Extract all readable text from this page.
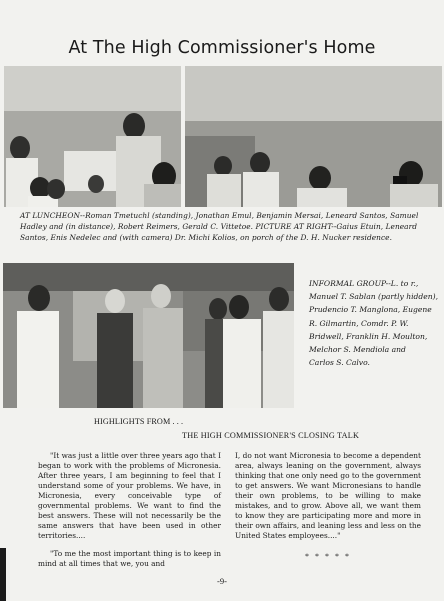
At The High Commissioner's Home
AT LUNCHEON--Roman Tmetuchl (standing), Jonathan Emul, Benjamin Mersai, Leneard Santos, Samuel Hadley and (in distance), Robert Reimers, Gerald C. Vittetoe. PICTURE AT RIGHT--Gaius Etuin, Leneard Santos, Enis Nedelec and (with camera) Dr. Michi Kolios, on porch of the D. H. Nucker residence.
INFORMAL GROUP--L. to r.,
Manuel T. Sablan (partly hidden),
Prudencio T. Manglona, Eugene
R. Gilmartin, Comdr. P. W.
Bridwell, Franklin H. Moulton,
Melchor S. Mendiola and
Carlos S. Calvo.
HIGHLIGHTS FROM . . .
THE HIGH COMMISSIONER'S CLOSING TALK

"It was just a little over three years ago that I began to work with the problems of Micronesia. After three years, I am beginning to feel that I understand some of your problems. We have, in Micronesia, every conceivable type of governmental problems. We want to find the best answers. These will not necessarily be the same answers that have been used in other territories....

"To me the most important thing is to keep in mind at all times that we, you and

I, do not want Micronesia to become a dependent area, always leaning on the government, always thinking that one only need go to the government to get answers. We want Micronesians to handle their own problems, to be willing to make mistakes, and to grow. Above all, we want them to know they are participating more and more in their own affairs, and leaning less and less on the United States employees...."

* * * * *
-9-
